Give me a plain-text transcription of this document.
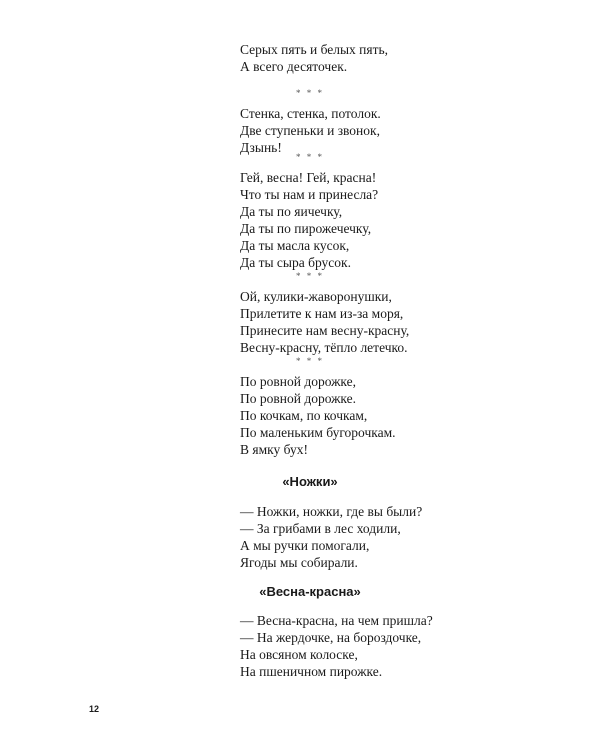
Серых пять и белых пять,
А всего десяточек.
* * *
Стенка, стенка, потолок.
Две ступеньки и звонок,
Дзынь!
* * *
Гей, весна! Гей, красна!
Что ты нам и принесла?
Да ты по яичечку,
Да ты по пирожечечку,
Да ты масла кусок,
Да ты сыра брусок.
* * *
Ой, кулики-жаворонушки,
Прилетите к нам из-за моря,
Принесите нам весну-красну,
Весну-красну, тёпло летечко.
* * *
По ровной дорожке,
По ровной дорожке.
По кочкам, по кочкам,
По маленьким бугорочкам.
В ямку бух!
«Ножки»
— Ножки, ножки, где вы были?
— За грибами в лес ходили,
А мы ручки помогали,
Ягоды мы собирали.
«Весна-красна»
— Весна-красна, на чем пришла?
— На жердочке, на бороздочке,
На овсяном колоске,
На пшеничном пирожке.
12
